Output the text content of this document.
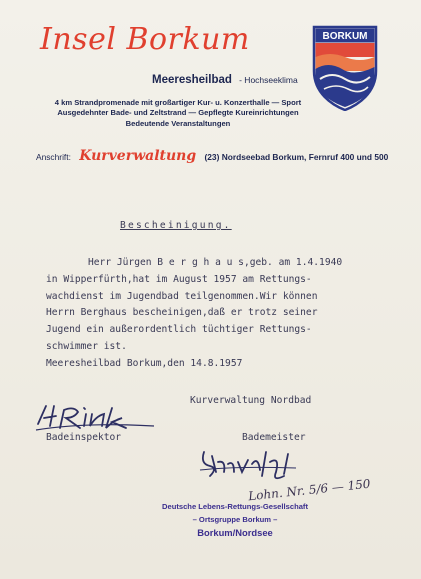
Insel Borkum
Meeresheilbad - Hochseeklima
BORKUM
4 km Strandpromenade mit großartiger Kur- u. Konzerthalle — Sport
Ausgedehnter Bade- und Zeltstrand — Gepflegte Kureinrichtungen
Bedeutende Veranstaltungen
Anschrift: Kurverwaltung (23) Nordseebad Borkum, Fernruf 400 und 500
Bescheinigung.
Herr Jürgen B e r g h a u s,geb. am 1.4.1940
in Wipperfürth,hat im August 1957 am Rettungs-
wachdienst im Jugendbad teilgenommen.Wir können
Herrn Berghaus bescheinigen,daß er trotz seiner
Jugend ein außerordentlich tüchtiger Rettungs-
schwimmer ist.
Meeresheilbad Borkum,den 14.8.1957
Kurverwaltung Nordbad
Badeinspektor	Bademeister
Lohn. Nr. 5/6 — 150
Deutsche Lebens-Rettungs-Gesellschaft
– Ortsgruppe Borkum –
Borkum/Nordsee
